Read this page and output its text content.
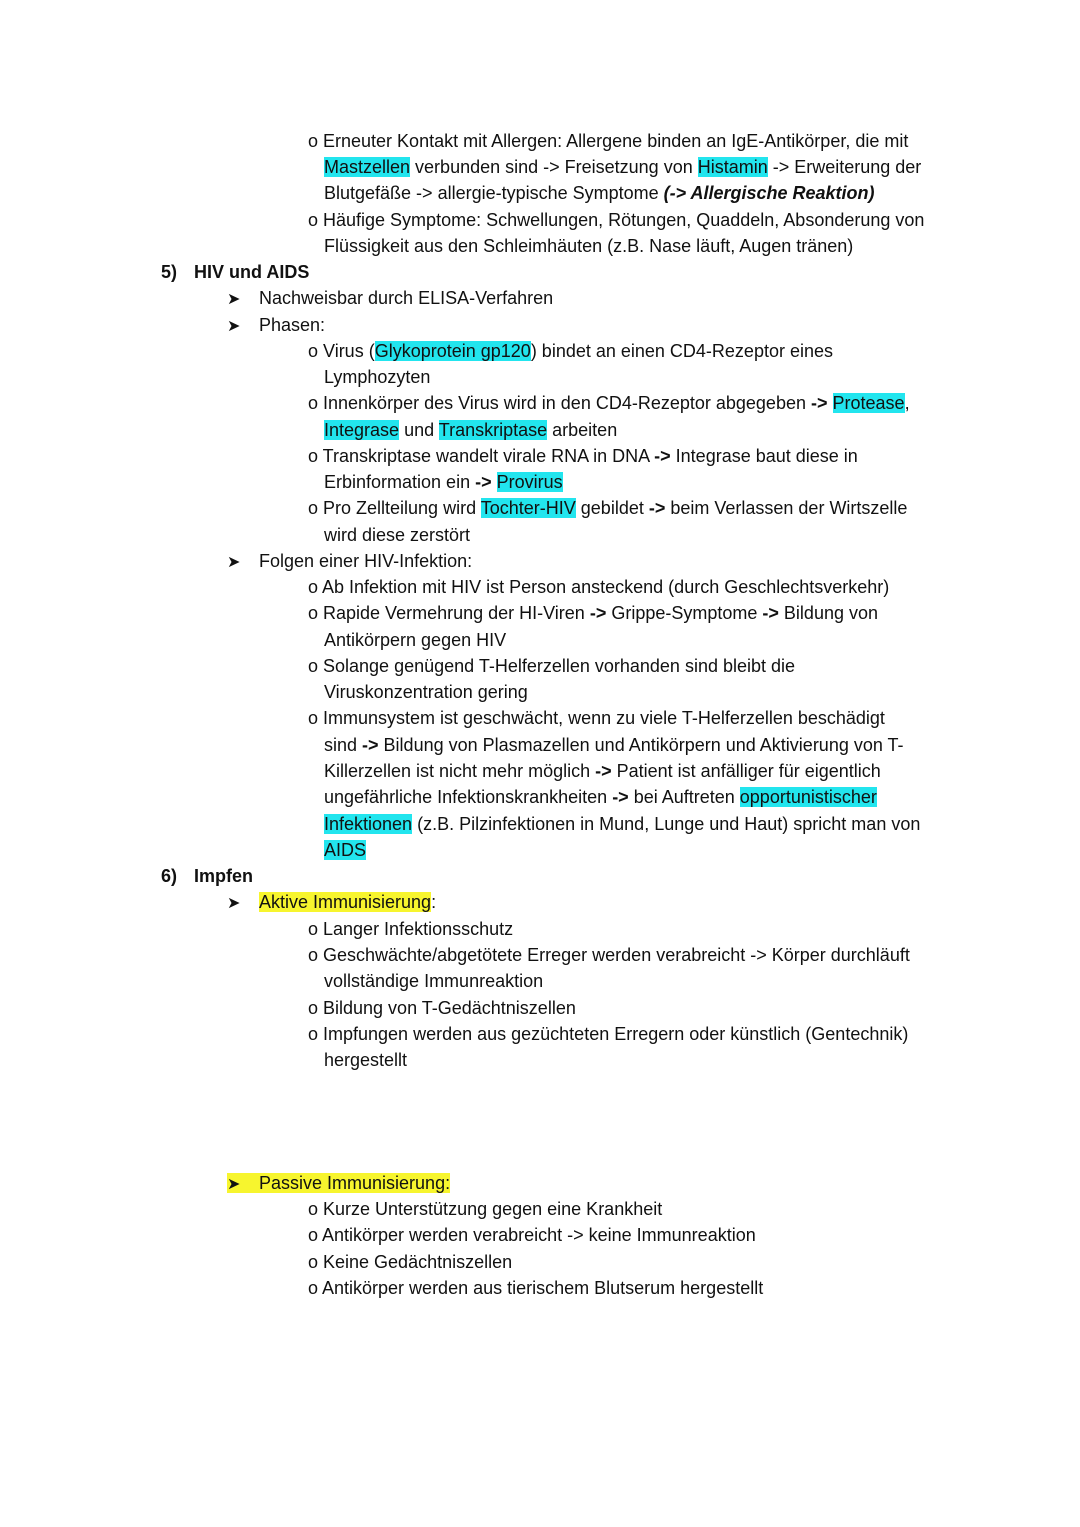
o Erneuter Kontakt mit Allergen: Allergene binden an IgE-Antikörper, die mit
Mastzellen verbunden sind -> Freisetzung von Histamin -> Erweiterung der
Blutgefäße -> allergie-typische Symptome (-> Allergische Reaktion)
o Häufige Symptome: Schwellungen, Rötungen, Quaddeln, Absonderung von
Flüssigkeit aus den Schleimhäuten (z.B. Nase läuft, Augen tränen)
5) HIV und AIDS
➤ Nachweisbar durch ELISA-Verfahren
➤ Phasen:
o Virus (Glykoprotein gp120) bindet an einen CD4-Rezeptor eines
Lymphozyten
o Innenkörper des Virus wird in den CD4-Rezeptor abgegeben -> Protease,
Integrase und Transkriptase arbeiten
o Transkriptase wandelt virale RNA in DNA -> Integrase baut diese in
Erbinformation ein -> Provirus
o Pro Zellteilung wird Tochter-HIV gebildet -> beim Verlassen der Wirtszelle
wird diese zerstört
➤ Folgen einer HIV-Infektion:
o Ab Infektion mit HIV ist Person ansteckend (durch Geschlechtsverkehr)
o Rapide Vermehrung der HI-Viren -> Grippe-Symptome -> Bildung von
Antikörpern gegen HIV
o Solange genügend T-Helferzellen vorhanden sind bleibt die
Viruskonzentration gering
o Immunsystem ist geschwächt, wenn zu viele T-Helferzellen beschädigt
sind -> Bildung von Plasmazellen und Antikörpern und Aktivierung von T-
Killerzellen ist nicht mehr möglich -> Patient ist anfälliger für eigentlich
ungefährliche Infektionskrankheiten -> bei Auftreten opportunistischer
Infektionen (z.B. Pilzinfektionen in Mund, Lunge und Haut) spricht man von
AIDS
6) Impfen
➤ Aktive Immunisierung:
o Langer Infektionsschutz
o Geschwächte/abgetötete Erreger werden verabreicht -> Körper durchläuft
vollständige Immunreaktion
o Bildung von T-Gedächtniszellen
o Impfungen werden aus gezüchteten Erregern oder künstlich (Gentechnik)
hergestellt
➤ Passive Immunisierung:
o Kurze Unterstützung gegen eine Krankheit
o Antikörper werden verabreicht -> keine Immunreaktion
o Keine Gedächtniszellen
o Antikörper werden aus tierischem Blutserum hergestellt
